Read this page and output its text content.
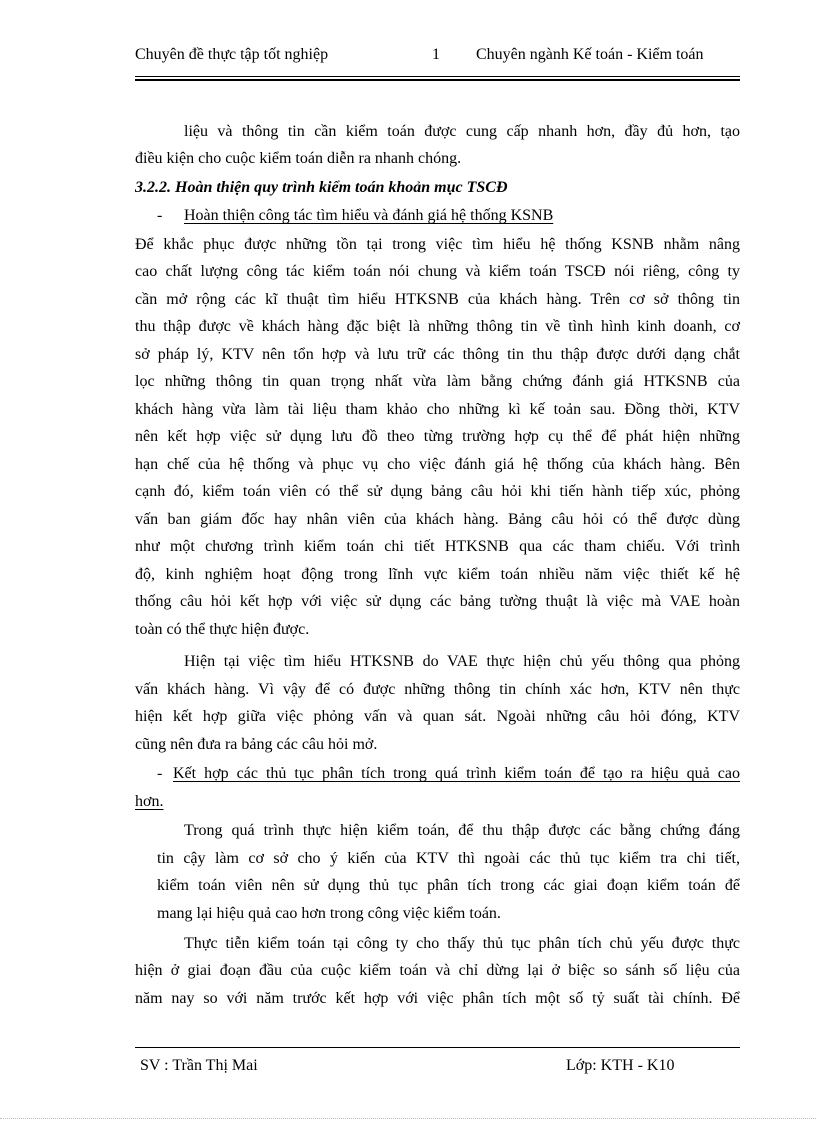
Chuyên đề thực tập tốt nghiệp	1 Chuyên ngành Kế toán - Kiểm toán
liệu và thông tin cần kiểm toán được cung cấp nhanh hơn, đầy đủ hơn, tạo
điều kiện cho cuộc kiểm toán diễn ra nhanh chóng.
3.2.2. Hoàn thiện quy trình kiểm toán khoản mục TSCĐ
- Hoàn thiện công tác tìm hiểu và đánh giá hệ thống KSNB
Để khắc phục được những tồn tại trong việc tìm hiểu hệ thống KSNB nhằm nâng
cao chất lượng công tác kiểm toán nói chung và kiểm toán TSCĐ nói riêng, công ty
cần mở rộng các kĩ thuật tìm hiểu HTKSNB của khách hàng. Trên cơ sở thông tin
thu thập được về khách hàng đặc biệt là những thông tin về tình hình kinh doanh, cơ
sở pháp lý, KTV nên tổn hợp và lưu trữ các thông tin thu thập được dưới dạng chắt
lọc những thông tin quan trọng nhất vừa làm bằng chứng đánh giá HTKSNB của
khách hàng vừa làm tài liệu tham khảo cho những kì kế toản sau. Đồng thời, KTV
nên kết hợp việc sử dụng lưu đồ theo từng trường hợp cụ thể để phát hiện những
hạn chế của hệ thống và phục vụ cho việc đánh giá hệ thống của khách hàng. Bên
cạnh đó, kiểm toán viên có thể sử dụng bảng câu hỏi khi tiến hành tiếp xúc, phỏng
vấn ban giám đốc hay nhân viên của khách hàng. Bảng câu hỏi có thể được dùng
như một chương trình kiểm toán chi tiết HTKSNB qua các tham chiếu. Với trình
độ, kinh nghiệm hoạt động trong lĩnh vực kiểm toán nhiều năm việc thiết kế hệ
thống câu hỏi kết hợp với việc sử dụng các bảng tường thuật là việc mà VAE hoàn
toàn có thể thực hiện được.
Hiện tại việc tìm hiểu HTKSNB do VAE thực hiện chủ yếu thông qua phỏng
vấn khách hàng. Vì vậy để có được những thông tin chính xác hơn, KTV nên thực
hiện kết hợp giữa việc phỏng vấn và quan sát. Ngoài những câu hỏi đóng, KTV
cũng nên đưa ra bảng các câu hỏi mở.
- Kết hợp các thủ tục phân tích trong quá trình kiểm toán để tạo ra hiệu quả cao
hơn.
Trong quá trình thực hiện kiểm toán, để thu thập được các bằng chứng đáng
tin cậy làm cơ sở cho ý kiến của KTV thì ngoài các thủ tục kiểm tra chi tiết,
kiểm toán viên nên sử dụng thủ tục phân tích trong các giai đoạn kiểm toán để
mang lại hiệu quả cao hơn trong công việc kiểm toán.
Thực tiễn kiểm toán tại công ty cho thấy thủ tục phân tích chủ yếu được thực
hiện ở giai đoạn đầu của cuộc kiểm toán và chỉ dừng lại ở biệc so sánh số liệu của
năm nay so với năm trước kết hợp với việc phân tích một số tỷ suất tài chính. Để
SV : Trần Thị Mai	Lớp: KTH - K10
